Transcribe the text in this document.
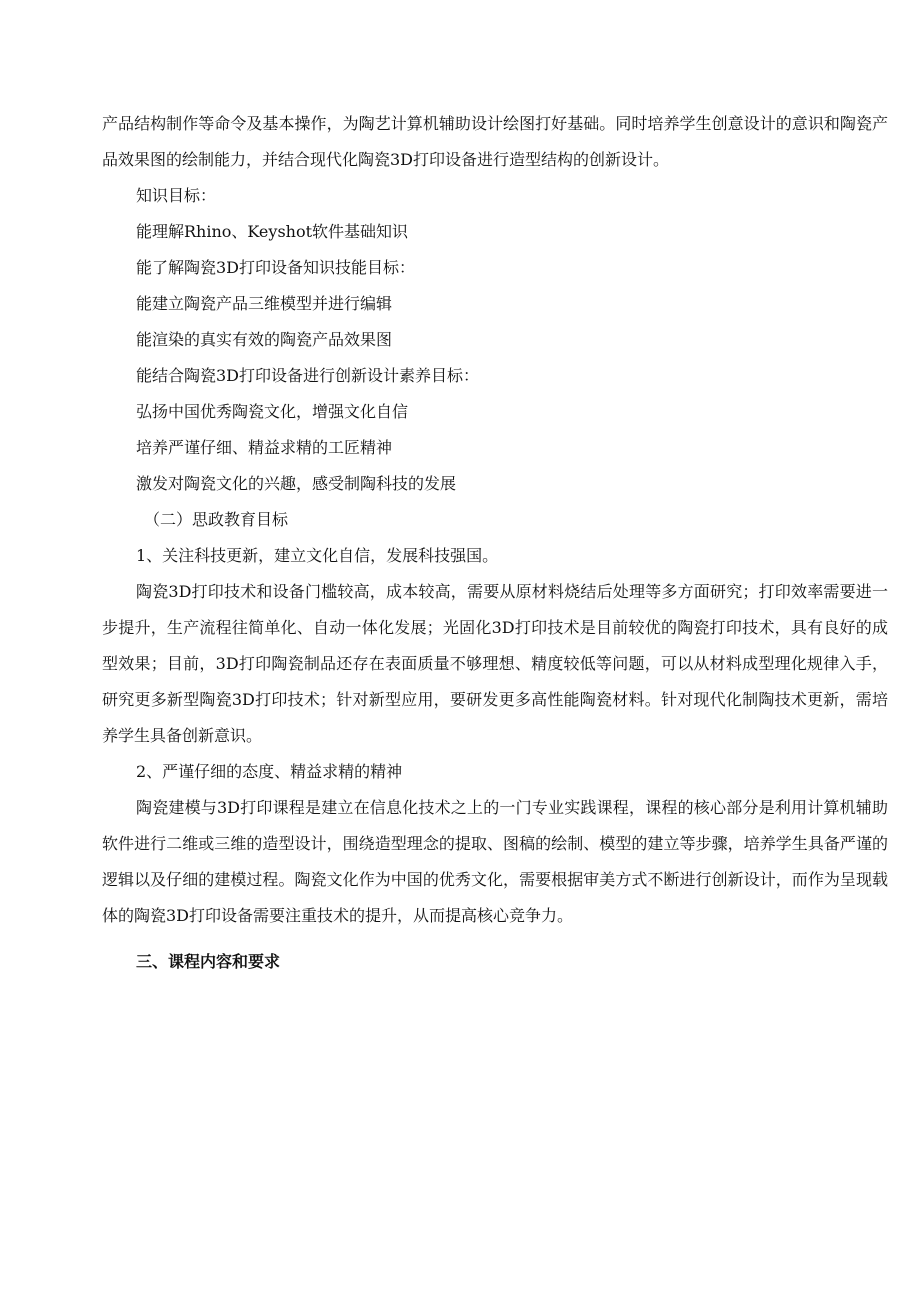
产品结构制作等命令及基本操作，为陶艺计算机辅助设计绘图打好基础。同时培养学生创意设计的意识和陶瓷产品效果图的绘制能力，并结合现代化陶瓷3D打印设备进行造型结构的创新设计。

知识目标：

能理解Rhino、Keyshot软件基础知识

能了解陶瓷3D打印设备知识技能目标：

能建立陶瓷产品三维模型并进行编辑

能渲染的真实有效的陶瓷产品效果图

能结合陶瓷3D打印设备进行创新设计素养目标：

弘扬中国优秀陶瓷文化，增强文化自信

培养严谨仔细、精益求精的工匠精神

激发对陶瓷文化的兴趣，感受制陶科技的发展

（二）思政教育目标

1、关注科技更新，建立文化自信，发展科技强国。

陶瓷3D打印技术和设备门槛较高，成本较高，需要从原材料烧结后处理等多方面研究；打印效率需要进一步提升，生产流程往简单化、自动一体化发展；光固化3D打印技术是目前较优的陶瓷打印技术，具有良好的成型效果；目前，3D打印陶瓷制品还存在表面质量不够理想、精度较低等问题，可以从材料成型理化规律入手，研究更多新型陶瓷3D打印技术；针对新型应用，要研发更多高性能陶瓷材料。针对现代化制陶技术更新，需培养学生具备创新意识。

2、严谨仔细的态度、精益求精的精神

陶瓷建模与3D打印课程是建立在信息化技术之上的一门专业实践课程，课程的核心部分是利用计算机辅助软件进行二维或三维的造型设计，围绕造型理念的提取、图稿的绘制、模型的建立等步骤，培养学生具备严谨的逻辑以及仔细的建模过程。陶瓷文化作为中国的优秀文化，需要根据审美方式不断进行创新设计，而作为呈现载体的陶瓷3D打印设备需要注重技术的提升，从而提高核心竞争力。

三、课程内容和要求
